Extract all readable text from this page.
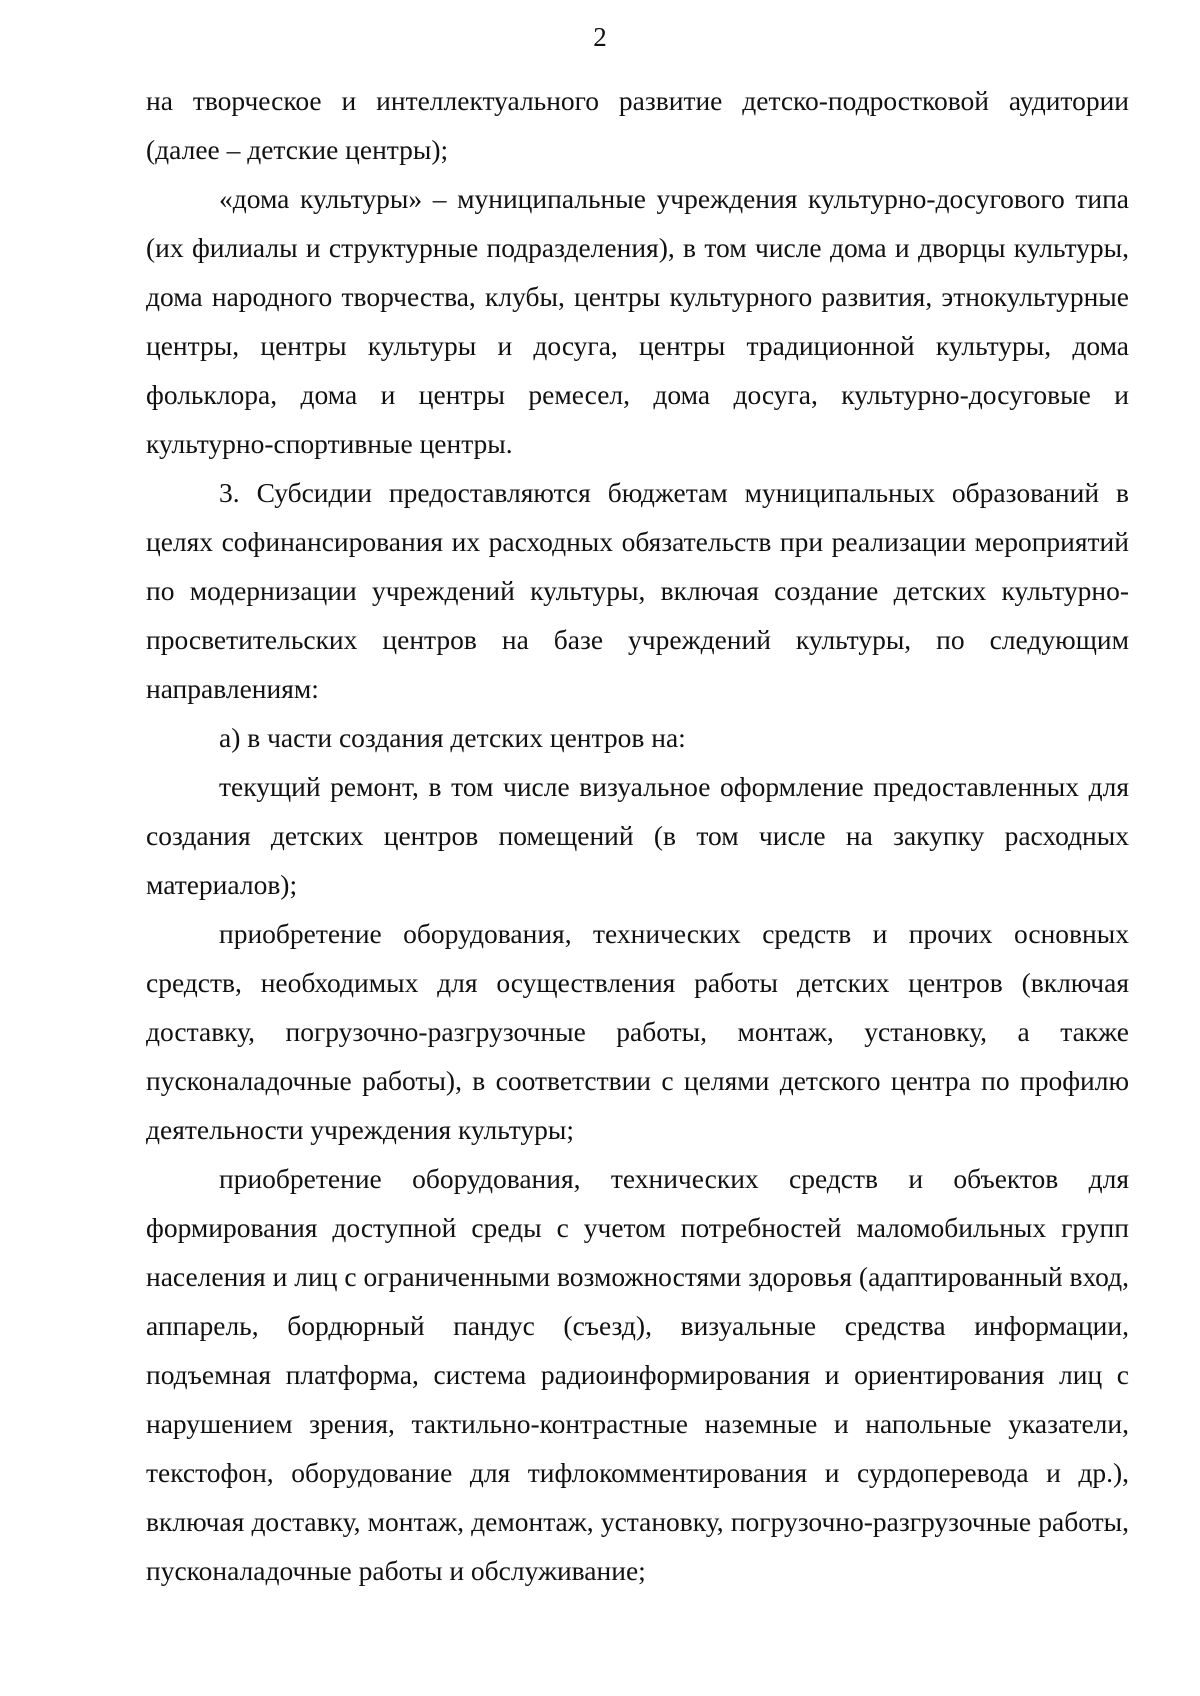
2

на творческое и интеллектуального развитие детско-подростковой аудитории (далее – детские центры);

«дома культуры» – муниципальные учреждения культурно-досугового типа (их филиалы и структурные подразделения), в том числе дома и дворцы культуры, дома народного творчества, клубы, центры культурного развития, этнокультурные центры, центры культуры и досуга, центры традиционной культуры, дома фольклора, дома и центры ремесел, дома досуга, культурно-досуговые и культурно-спортивные центры.

3. Субсидии предоставляются бюджетам муниципальных образований в целях софинансирования их расходных обязательств при реализации мероприятий по модернизации учреждений культуры, включая создание детских культурно-просветительских центров на базе учреждений культуры, по следующим направлениям:

а) в части создания детских центров на:

текущий ремонт, в том числе визуальное оформление предоставленных для создания детских центров помещений (в том числе на закупку расходных материалов);

приобретение оборудования, технических средств и прочих основных средств, необходимых для осуществления работы детских центров (включая доставку, погрузочно-разгрузочные работы, монтаж, установку, а также пусконаладочные работы), в соответствии с целями детского центра по профилю деятельности учреждения культуры;

приобретение оборудования, технических средств и объектов для формирования доступной среды с учетом потребностей маломобильных групп населения и лиц с ограниченными возможностями здоровья (адаптированный вход, аппарель, бордюрный пандус (съезд), визуальные средства информации, подъемная платформа, система радиоинформирования и ориентирования лиц с нарушением зрения, тактильно-контрастные наземные и напольные указатели, текстофон, оборудование для тифлокомментирования и сурдоперевода и др.), включая доставку, монтаж, демонтаж, установку, погрузочно-разгрузочные работы, пусконаладочные работы и обслуживание;
